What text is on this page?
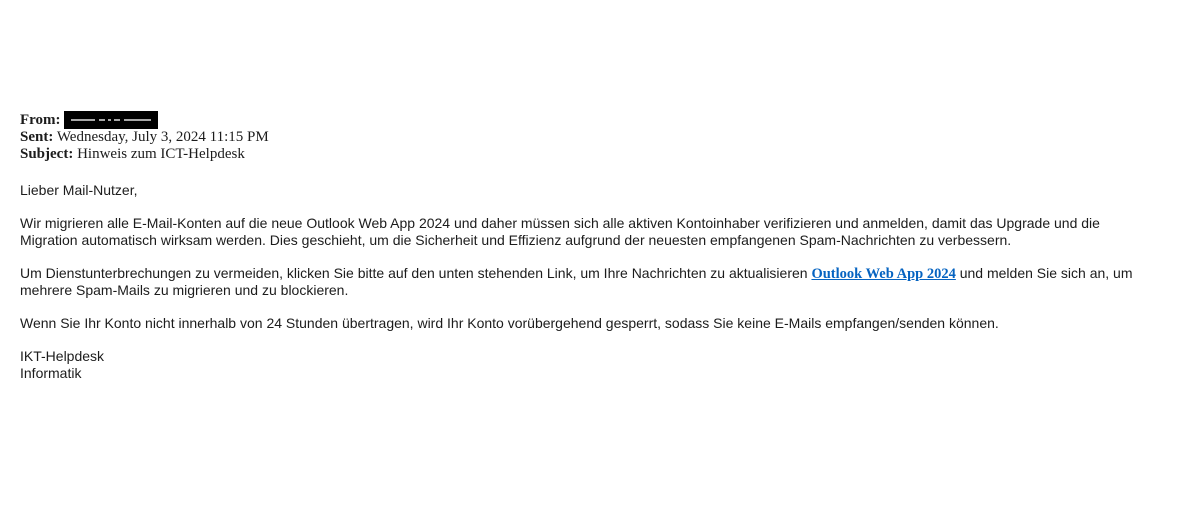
From:
Sent: Wednesday, July 3, 2024 11:15 PM
Subject: Hinweis zum ICT-Helpdesk
Lieber Mail-Nutzer,
Wir migrieren alle E-Mail-Konten auf die neue Outlook Web App 2024 und daher müssen sich alle aktiven Kontoinhaber verifizieren und anmelden, damit das Upgrade und die
Migration automatisch wirksam werden. Dies geschieht, um die Sicherheit und Effizienz aufgrund der neuesten empfangenen Spam-Nachrichten zu verbessern.
Um Dienstunterbrechungen zu vermeiden, klicken Sie bitte auf den unten stehenden Link, um Ihre Nachrichten zu aktualisieren Outlook Web App 2024 und melden Sie sich an, um
mehrere Spam-Mails zu migrieren und zu blockieren.
Wenn Sie Ihr Konto nicht innerhalb von 24 Stunden übertragen, wird Ihr Konto vorübergehend gesperrt, sodass Sie keine E-Mails empfangen/senden können.
IKT-Helpdesk
Informatik
